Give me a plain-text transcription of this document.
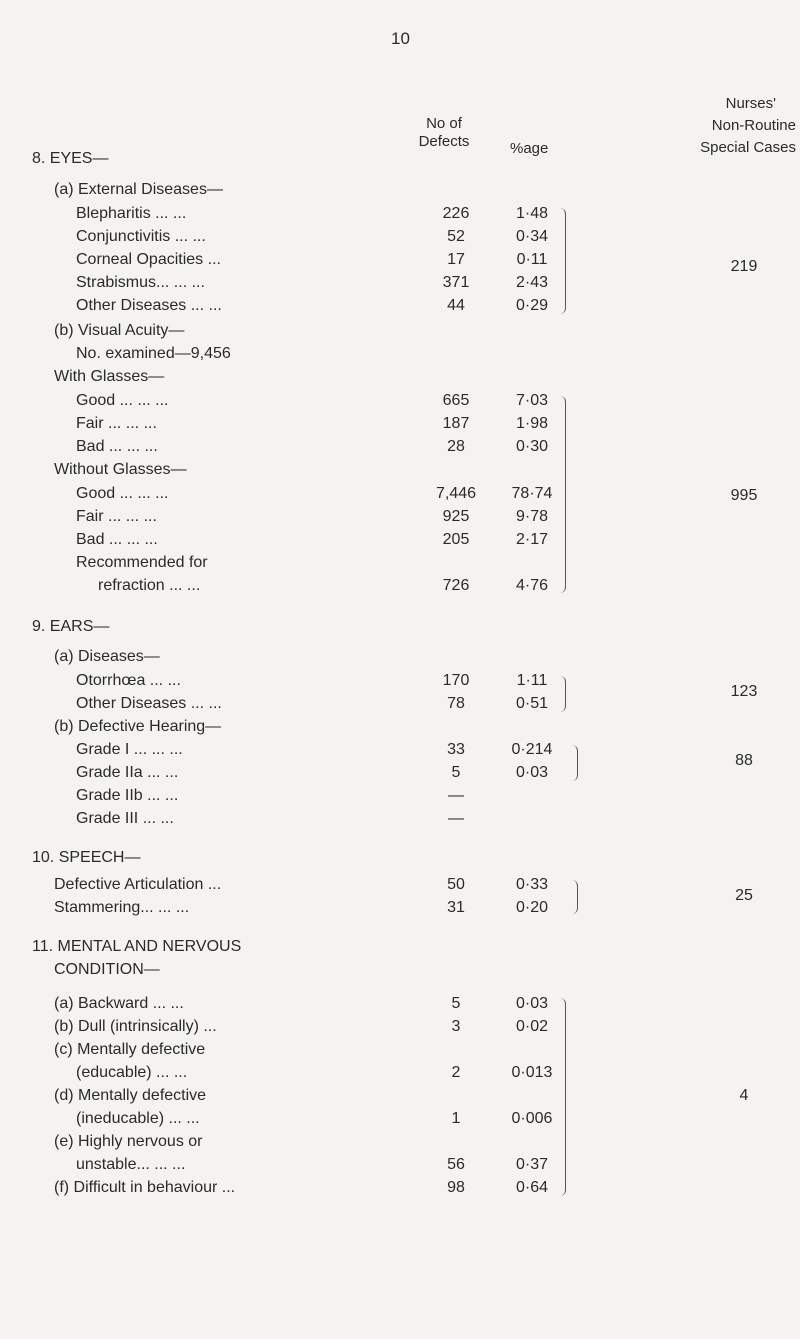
10
No of
Defects	%age
Nurses'
Non-Routine
Special Cases
8. EYES—
(a) External Diseases—
Blepharitis ... ...	226	1·48
Conjunctivitis ... ...	52	0·34
Corneal Opacities ...	17	0·11
Strabismus... ... ...	371	2·43
Other Diseases ... ...	44	0·29
219
(b) Visual Acuity—
No. examined—9,456
With Glasses—
Good ... ... ...	665	7·03
Fair ... ... ...	187	1·98
Bad ... ... ...	28	0·30
Without Glasses—
Good ... ... ...	7,446	78·74
Fair ... ... ...	925	9·78
Bad ... ... ...	205	2·17
Recommended for
refraction ... ...	726	4·76
995
9. EARS—
(a) Diseases—
Otorrhœa ... ...	170	1·11
Other Diseases ... ...	78	0·51
123
(b) Defective Hearing—
Grade I ... ... ...	33	0·214
Grade IIa ... ...	5	0·03
Grade IIb ... ...	—
Grade III ... ...	—
88
10. SPEECH—
Defective Articulation ...	50	0·33
Stammering... ... ...	31	0·20
25
11. MENTAL AND NERVOUS
CONDITION—
(a) Backward ... ...	5	0·03
(b) Dull (intrinsically) ...	3	0·02
(c) Mentally defective
(educable) ... ...	2	0·013
(d) Mentally defective
(ineducable) ... ...	1	0·006
(e) Highly nervous or
unstable... ... ...	56	0·37
(f) Difficult in behaviour ...	98	0·64
4
